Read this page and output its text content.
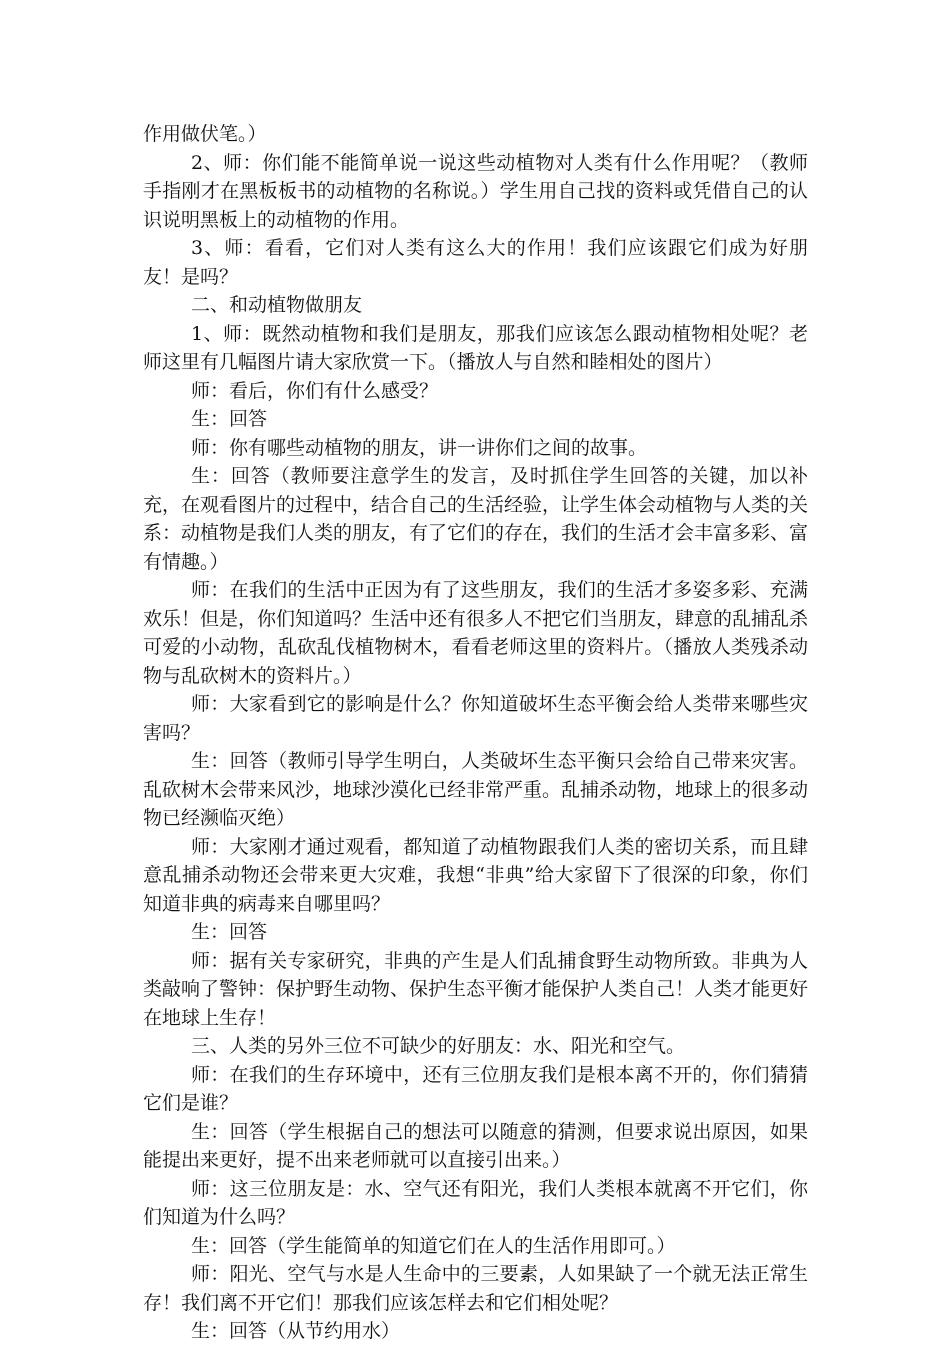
作用做伏笔。）

2、师：你们能不能简单说一说这些动植物对人类有什么作用呢？（教师手指刚才在黑板板书的动植物的名称说。）学生用自己找的资料或凭借自己的认识说明黑板上的动植物的作用。

3、师：看看，它们对人类有这么大的作用！我们应该跟它们成为好朋友！是吗？

二、和动植物做朋友

1、师：既然动植物和我们是朋友，那我们应该怎么跟动植物相处呢？老师这里有几幅图片请大家欣赏一下。（播放人与自然和睦相处的图片）

师：看后，你们有什么感受？

生：回答

师：你有哪些动植物的朋友，讲一讲你们之间的故事。

生：回答（教师要注意学生的发言，及时抓住学生回答的关键，加以补充，在观看图片的过程中，结合自己的生活经验，让学生体会动植物与人类的关系：动植物是我们人类的朋友，有了它们的存在，我们的生活才会丰富多彩、富有情趣。）

师：在我们的生活中正因为有了这些朋友，我们的生活才多姿多彩、充满欢乐！但是，你们知道吗？生活中还有很多人不把它们当朋友，肆意的乱捕乱杀可爱的小动物，乱砍乱伐植物树木，看看老师这里的资料片。（播放人类残杀动物与乱砍树木的资料片。）

师：大家看到它的影响是什么？你知道破坏生态平衡会给人类带来哪些灾害吗？

生：回答（教师引导学生明白，人类破坏生态平衡只会给自己带来灾害。乱砍树木会带来风沙，地球沙漠化已经非常严重。乱捕杀动物，地球上的很多动物已经濒临灭绝）

师：大家刚才通过观看，都知道了动植物跟我们人类的密切关系，而且肆意乱捕杀动物还会带来更大灾难，我想“非典”给大家留下了很深的印象，你们知道非典的病毒来自哪里吗？

生：回答

师：据有关专家研究，非典的产生是人们乱捕食野生动物所致。非典为人类敲响了警钟：保护野生动物、保护生态平衡才能保护人类自己！人类才能更好在地球上生存！

三、人类的另外三位不可缺少的好朋友：水、阳光和空气。

师：在我们的生存环境中，还有三位朋友我们是根本离不开的，你们猜猜它们是谁？

生：回答（学生根据自己的想法可以随意的猜测，但要求说出原因，如果能提出来更好，提不出来老师就可以直接引出来。）

师：这三位朋友是：水、空气还有阳光，我们人类根本就离不开它们，你们知道为什么吗？

生：回答（学生能简单的知道它们在人的生活作用即可。）

师：阳光、空气与水是人生命中的三要素，人如果缺了一个就无法正常生存！我们离不开它们！那我们应该怎样去和它们相处呢？

生：回答（从节约用水）
